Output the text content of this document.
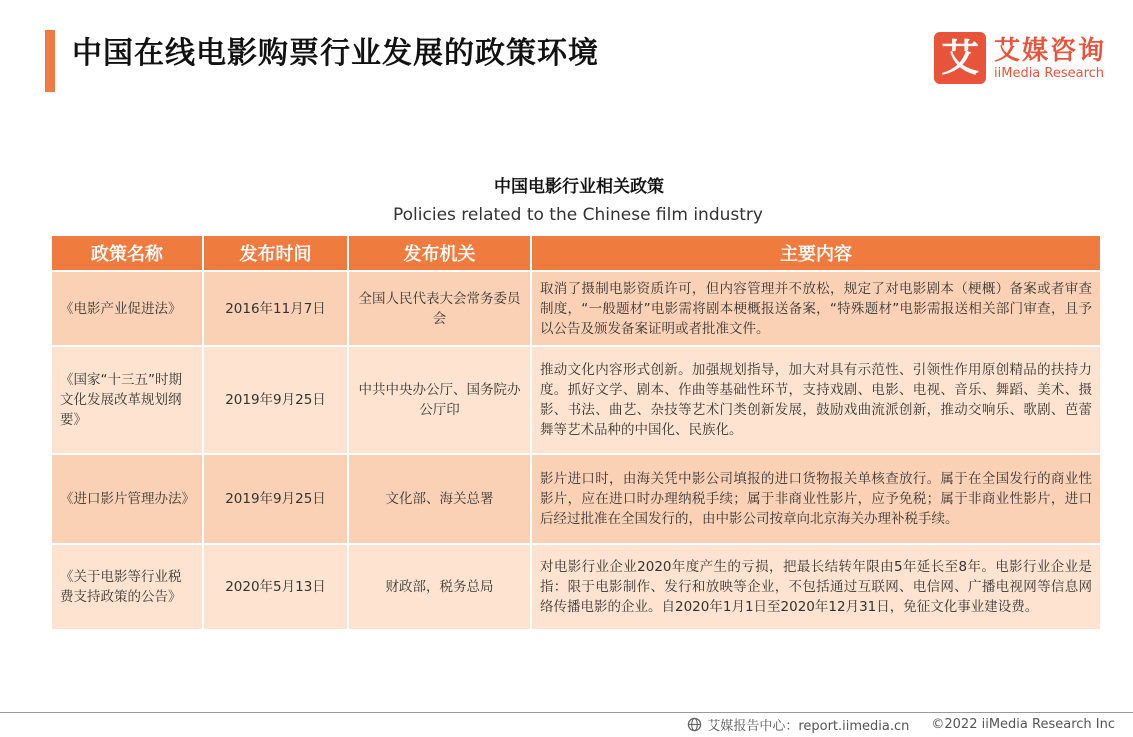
中国在线电影购票行业发展的政策环境	艾 艾媒咨询
iiMedia Research
中国电影行业相关政策
Policies related to the Chinese film industry
政策名称	发布时间	发布机关	主要内容
《电影产业促进法》	2016年11月7日	全国人民代表大会常务委员会	取消了摄制电影资质许可，但内容管理并不放松，规定了对电影剧本（梗概）备案或者审查制度，“一般题材”电影需将剧本梗概报送备案，“特殊题材”电影需报送相关部门审查，且予以公告及颁发备案证明或者批准文件。
《国家“十三五”时期文化发展改革规划纲要》	2019年9月25日	中共中央办公厅、国务院办公厅印	推动文化内容形式创新。加强规划指导，加大对具有示范性、引领性作用原创精品的扶持力度。抓好文学、剧本、作曲等基础性环节，支持戏剧、电影、电视、音乐、舞蹈、美术、摄影、书法、曲艺、杂技等艺术门类创新发展，鼓励戏曲流派创新，推动交响乐、歌剧、芭蕾舞等艺术品种的中国化、民族化。
《进口影片管理办法》	2019年9月25日	文化部、海关总署	影片进口时，由海关凭中影公司填报的进口货物报关单核查放行。属于在全国发行的商业性影片，应在进口时办理纳税手续；属于非商业性影片，应予免税；属于非商业性影片，进口后经过批准在全国发行的，由中影公司按章向北京海关办理补税手续。
《关于电影等行业税费支持政策的公告》	2020年5月13日	财政部，税务总局	对电影行业企业2020年度产生的亏损，把最长结转年限由5年延长至8年。电影行业企业是指：限于电影制作、发行和放映等企业，不包括通过互联网、电信网、广播电视网等信息网络传播电影的企业。自2020年1月1日至2020年12月31日，免征文化事业建设费。
艾媒报告中心：report.iimedia.cn ©2022 iiMedia Research Inc
